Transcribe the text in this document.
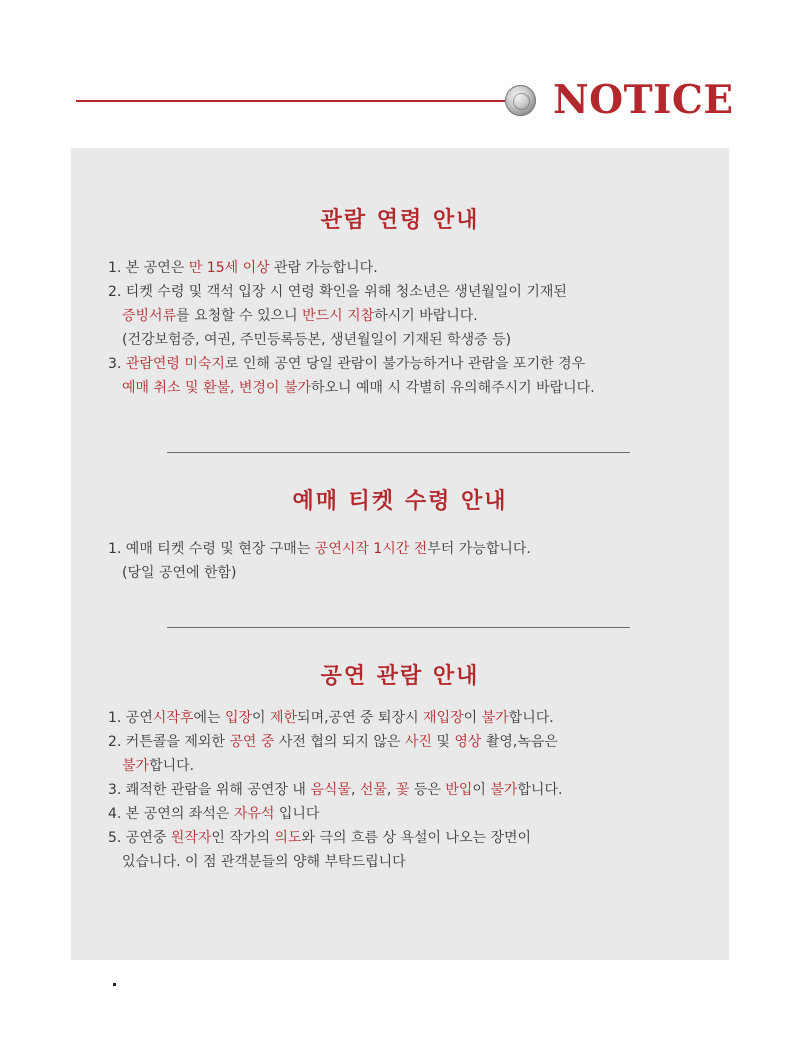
NOTICE
관람 연령 안내
1. 본 공연은 만 15세 이상 관람 가능합니다.
2. 티켓 수령 및 객석 입장 시 연령 확인을 위해 청소년은 생년월일이 기재된
증빙서류를 요청할 수 있으니 반드시 지참하시기 바랍니다.
(건강보험증, 여권, 주민등록등본, 생년월일이 기재된 학생증 등)
3. 관람연령 미숙지로 인해 공연 당일 관람이 불가능하거나 관람을 포기한 경우
예매 취소 및 환불, 변경이 불가하오니 예매 시 각별히 유의해주시기 바랍니다.
예매 티켓 수령 안내
1. 예매 티켓 수령 및 현장 구매는 공연시작 1시간 전부터 가능합니다.
(당일 공연에 한함)
공연 관람 안내
1. 공연시작후에는 입장이 제한되며,공연 중 퇴장시 재입장이 불가합니다.
2. 커튼콜을 제외한 공연 중 사전 협의 되지 않은 사진 및 영상 촬영,녹음은
불가합니다.
3. 쾌적한 관람을 위해 공연장 내 음식물, 선물, 꽃 등은 반입이 불가합니다.
4. 본 공연의 좌석은 자유석 입니다
5. 공연중 원작자인 작가의 의도와 극의 흐름 상 욕설이 나오는 장면이
있습니다. 이 점 관객분들의 양해 부탁드립니다
